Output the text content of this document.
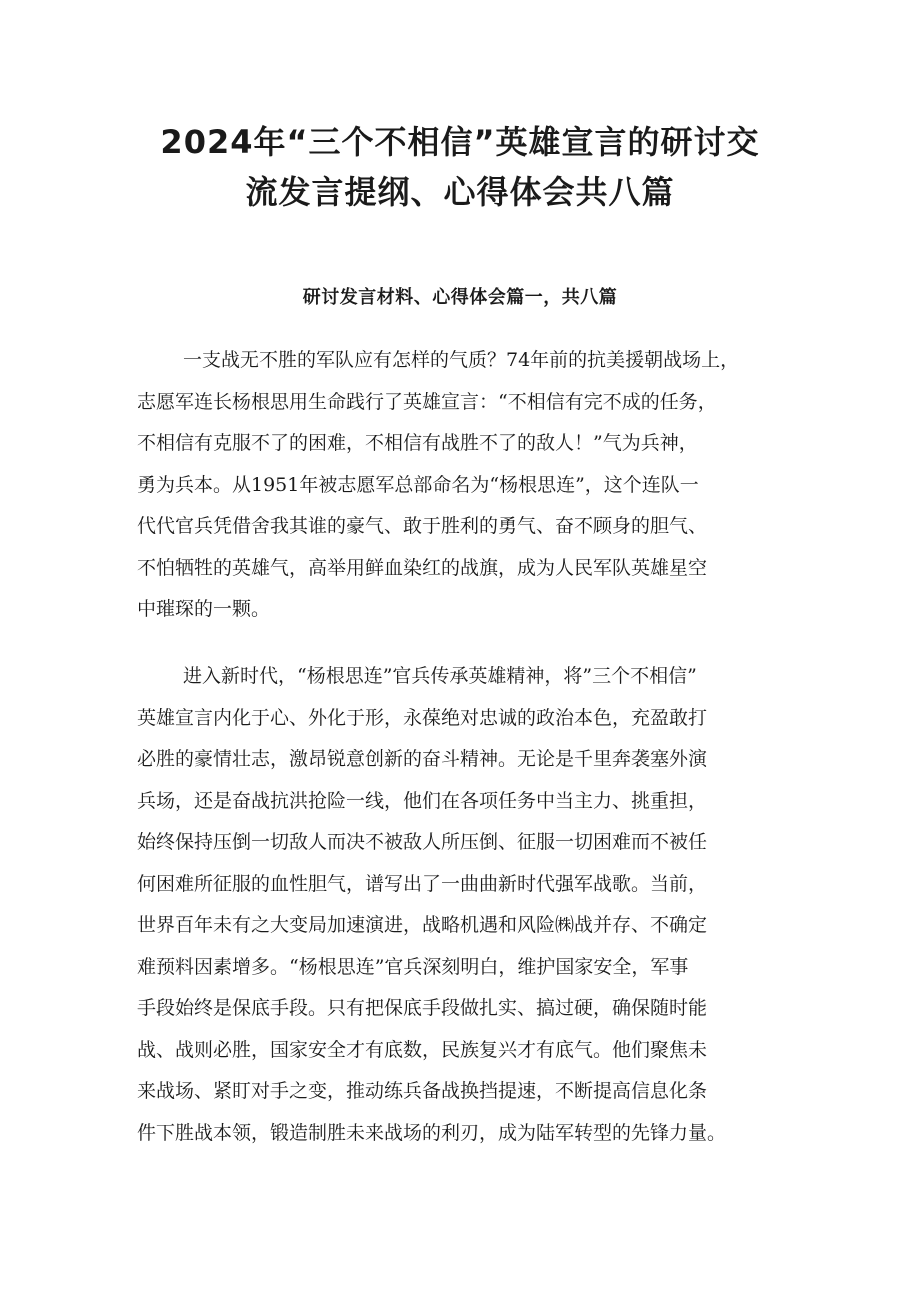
2024年“三个不相信”英雄宣言的研讨交
流发言提纲、心得体会共八篇
研讨发言材料、心得体会篇一，共八篇
一支战无不胜的军队应有怎样的气质？74年前的抗美援朝战场上，
志愿军连长杨根思用生命践行了英雄宣言：“不相信有完不成的任务，
不相信有克服不了的困难，不相信有战胜不了的敌人！”气为兵神，
勇为兵本。从1951年被志愿军总部命名为“杨根思连”，这个连队一
代代官兵凭借舍我其谁的豪气、敢于胜利的勇气、奋不顾身的胆气、
不怕牺牲的英雄气，高举用鲜血染红的战旗，成为人民军队英雄星空
中璀琛的一颗。
进入新时代，“杨根思连”官兵传承英雄精神，将”三个不相信”
英雄宣言内化于心、外化于形，永葆绝对忠诚的政治本色，充盈敢打
必胜的豪情壮志，激昂锐意创新的奋斗精神。无论是千里奔袭塞外演
兵场，还是奋战抗洪抢险一线，他们在各项任务中当主力、挑重担，
始终保持压倒一切敌人而决不被敌人所压倒、征服一切困难而不被任
何困难所征服的血性胆气，谱写出了一曲曲新时代强军战歌。当前，
世界百年未有之大变局加速演进，战略机遇和风险㈱战并存、不确定
难预料因素增多。“杨根思连”官兵深刻明白，维护国家安全，军事
手段始终是保底手段。只有把保底手段做扎实、搞过硬，确保随时能
战、战则必胜，国家安全才有底数，民族复兴才有底气。他们聚焦未
来战场、紧盯对手之变，推动练兵备战换挡提速，不断提高信息化条
件下胜战本领，锻造制胜未来战场的利刃，成为陆军转型的先锋力量。
